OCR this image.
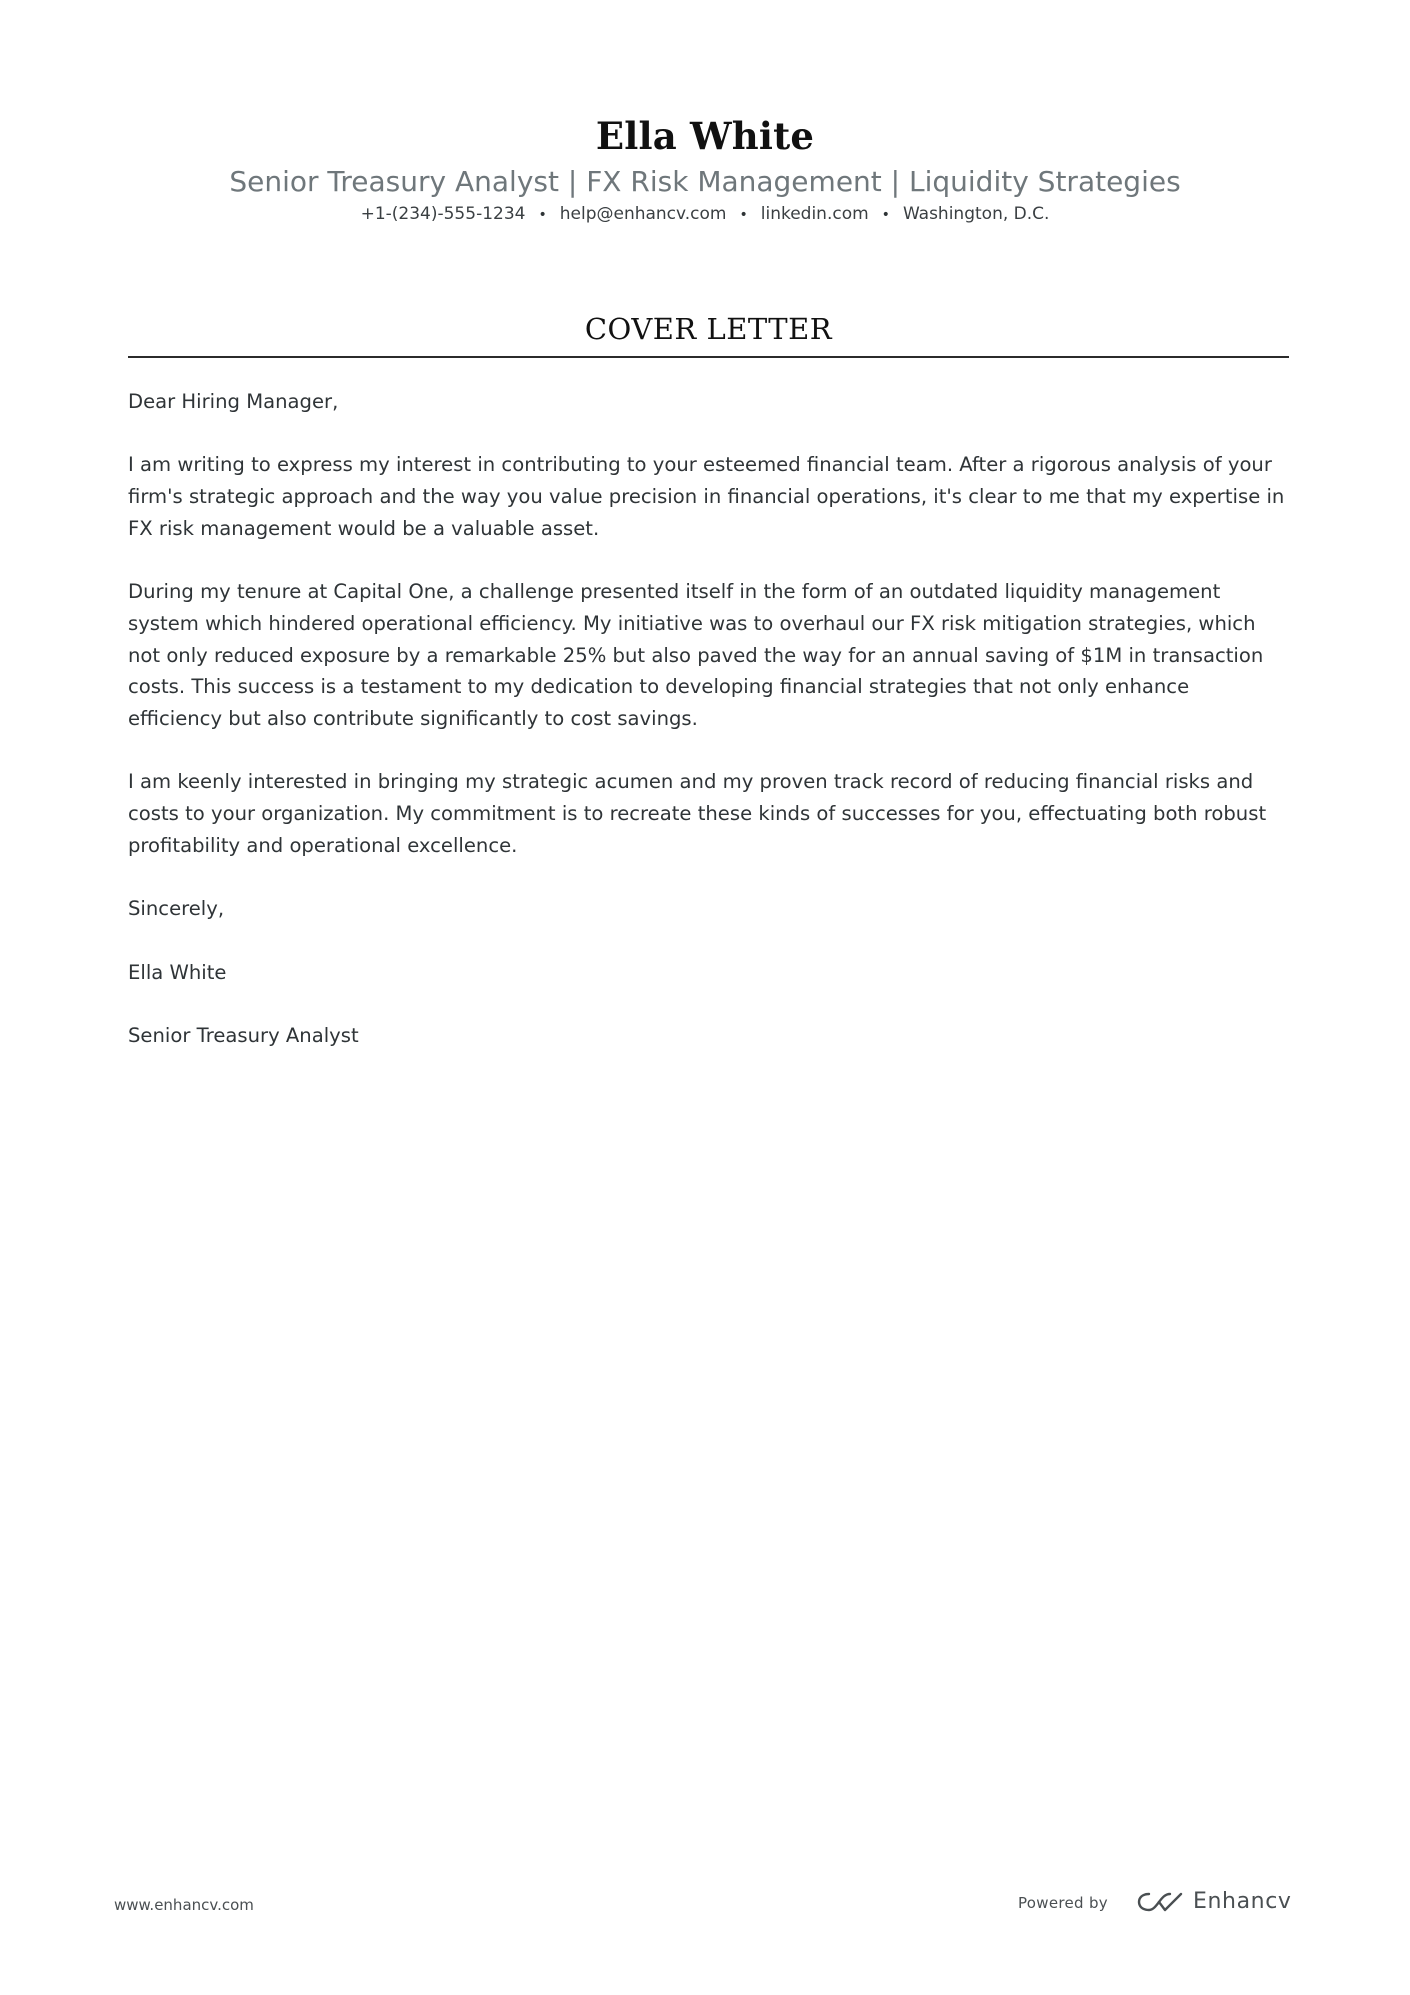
Ella White
Senior Treasury Analyst | FX Risk Management | Liquidity Strategies
+1-(234)-555-1234 • help@enhancv.com • linkedin.com • Washington, D.C.
COVER LETTER

Dear Hiring Manager,

I am writing to express my interest in contributing to your esteemed financial team. After a rigorous analysis of your firm's strategic approach and the way you value precision in financial operations, it's clear to me that my expertise in FX risk management would be a valuable asset.

During my tenure at Capital One, a challenge presented itself in the form of an outdated liquidity management system which hindered operational efficiency. My initiative was to overhaul our FX risk mitigation strategies, which not only reduced exposure by a remarkable 25% but also paved the way for an annual saving of $1M in transaction costs. This success is a testament to my dedication to developing financial strategies that not only enhance efficiency but also contribute significantly to cost savings.

I am keenly interested in bringing my strategic acumen and my proven track record of reducing financial risks and costs to your organization. My commitment is to recreate these kinds of successes for you, effectuating both robust profitability and operational excellence.

Sincerely,

Ella White

Senior Treasury Analyst

www.enhancv.com	Powered by	Enhancv
